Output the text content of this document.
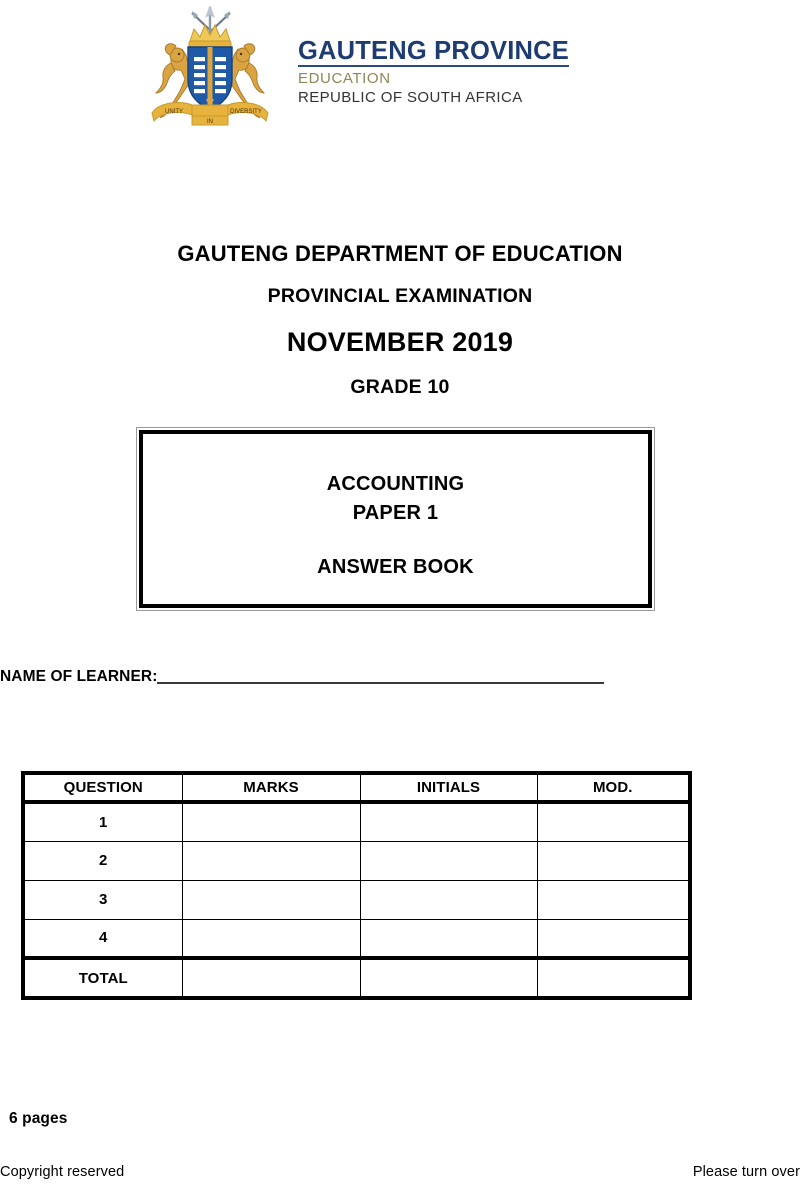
UNITY
IN
DIVERSITY
GAUTENG PROVINCE
EDUCATION
REPUBLIC OF SOUTH AFRICA
GAUTENG DEPARTMENT OF EDUCATION
PROVINCIAL EXAMINATION
NOVEMBER 2019
GRADE 10
ACCOUNTING
PAPER 1
ANSWER BOOK
NAME OF LEARNER:
QUESTION	MARKS	INITIALS	MOD.
1			
2			
3			
4			
TOTAL			
6 pages
Copyright reserved	Please turn over
